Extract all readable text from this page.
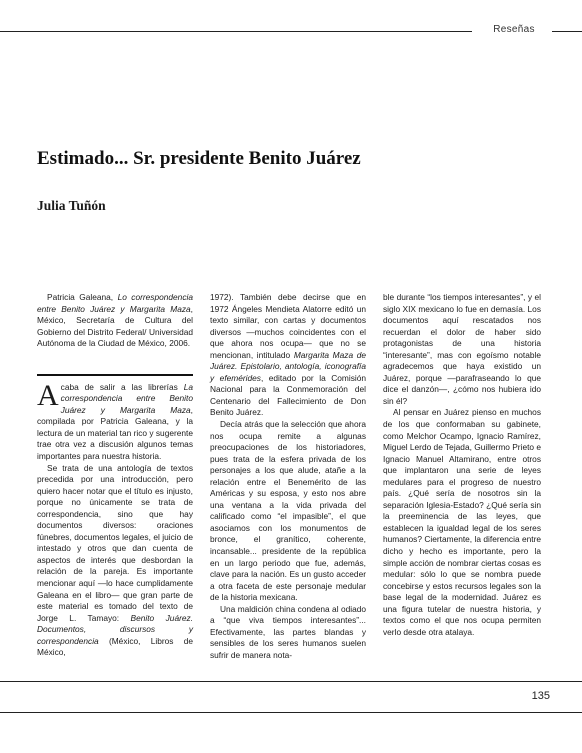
Reseñas
Estimado... Sr. presidente Benito Juárez
Julia Tuñón

Patricia Galeana, Lo correspondencia entre Benito Juárez y Margarita Maza, México, Secretaría de Cultura del Gobierno del Distrito Federal/ Universidad Autónoma de la Ciudad de México, 2006.

Acaba de salir a las librerías La correspondencia entre Benito Juárez y Margarita Maza, compilada por Patricia Galeana, y la lectura de un material tan rico y sugerente trae otra vez a discusión algunos temas importantes para nuestra historia.

Se trata de una antología de textos precedida por una introducción, pero quiero hacer notar que el título es injusto, porque no únicamente se trata de correspondencia, sino que hay documentos diversos: oraciones fúnebres, documentos legales, el juicio de intestado y otros que dan cuenta de aspectos de interés que desbordan la relación de la pareja. Es importante mencionar aquí —lo hace cumplidamente Galeana en el libro— que gran parte de este material es tomado del texto de Jorge L. Tamayo: Benito Juárez. Documentos, discursos y correspondencia (México, Libros de México,

1972). También debe decirse que en 1972 Ángeles Mendieta Alatorre editó un texto similar, con cartas y documentos diversos —muchos coincidentes con el que ahora nos ocupa— que no se mencionan, intitulado Margarita Maza de Juárez. Epistolario, antología, iconografía y efemérides, editado por la Comisión Nacional para la Conmemoración del Centenario del Fallecimiento de Don Benito Juárez.

Decía atrás que la selección que ahora nos ocupa remite a algunas preocupaciones de los historiadores, pues trata de la esfera privada de los personajes a los que alude, atañe a la relación entre el Benemérito de las Américas y su esposa, y esto nos abre una ventana a la vida privada del calificado como “el impasible”, el que asociamos con los monumentos de bronce, el granítico, coherente, incansable... presidente de la república en un largo periodo que fue, además, clave para la nación. Es un gusto acceder a otra faceta de este personaje medular de la historia mexicana.

Una maldición china condena al odiado a “que viva tiempos interesantes”... Efectivamente, las partes blandas y sensibles de los seres humanos suelen sufrir de manera nota-

ble durante “los tiempos interesantes”, y el siglo XIX mexicano lo fue en demasía. Los documentos aquí rescatados nos recuerdan el dolor de haber sido protagonistas de una historia “interesante”, mas con egoísmo notable agradecemos que haya existido un Juárez, porque —parafraseando lo que dice el danzón—, ¿cómo nos hubiera ido sin él?

Al pensar en Juárez pienso en muchos de los que conformaban su gabinete, como Melchor Ocampo, Ignacio Ramírez, Miguel Lerdo de Tejada, Guillermo Prieto e Ignacio Manuel Altamirano, entre otros que implantaron una serie de leyes medulares para el progreso de nuestro país. ¿Qué sería de nosotros sin la separación Iglesia-Estado? ¿Qué sería sin la preeminencia de las leyes, que establecen la igualdad legal de los seres humanos? Ciertamente, la diferencia entre dicho y hecho es importante, pero la simple acción de nombrar ciertas cosas es medular: sólo lo que se nombra puede concebirse y estos recursos legales son la base legal de la modernidad. Juárez es una figura tutelar de nuestra historia, y textos como el que nos ocupa permiten verlo desde otra atalaya.

135
